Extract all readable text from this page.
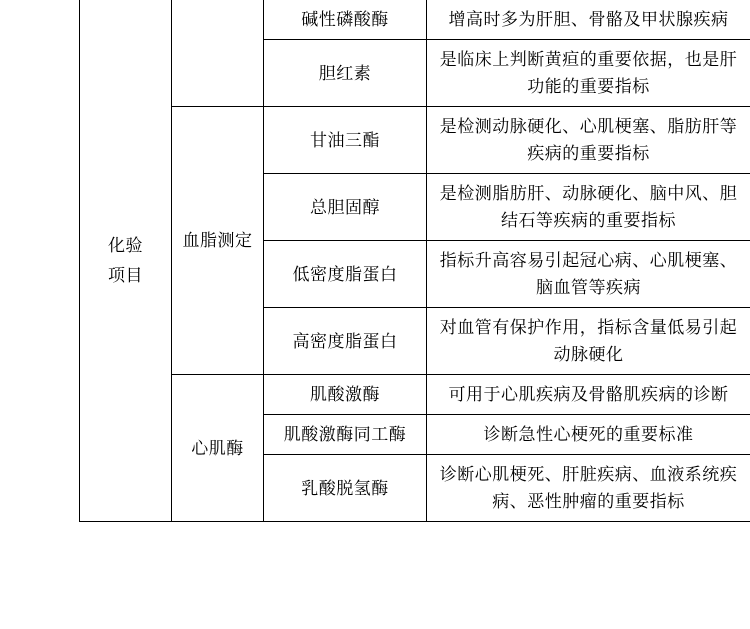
化验
项目		碱性磷酸酶	增高时多为肝胆、骨骼及甲状腺疾病
		胆红素	是临床上判断黄疸的重要依据，也是肝功能的重要指标
	血脂测定	甘油三酯	是检测动脉硬化、心肌梗塞、脂肪肝等疾病的重要指标
		总胆固醇	是检测脂肪肝、动脉硬化、脑中风、胆结石等疾病的重要指标
		低密度脂蛋白	指标升高容易引起冠心病、心肌梗塞、脑血管等疾病
		高密度脂蛋白	对血管有保护作用，指标含量低易引起动脉硬化
	心肌酶	肌酸激酶	可用于心肌疾病及骨骼肌疾病的诊断
		肌酸激酶同工酶	诊断急性心梗死的重要标准
		乳酸脱氢酶	诊断心肌梗死、肝脏疾病、血液系统疾病、恶性肿瘤的重要指标
